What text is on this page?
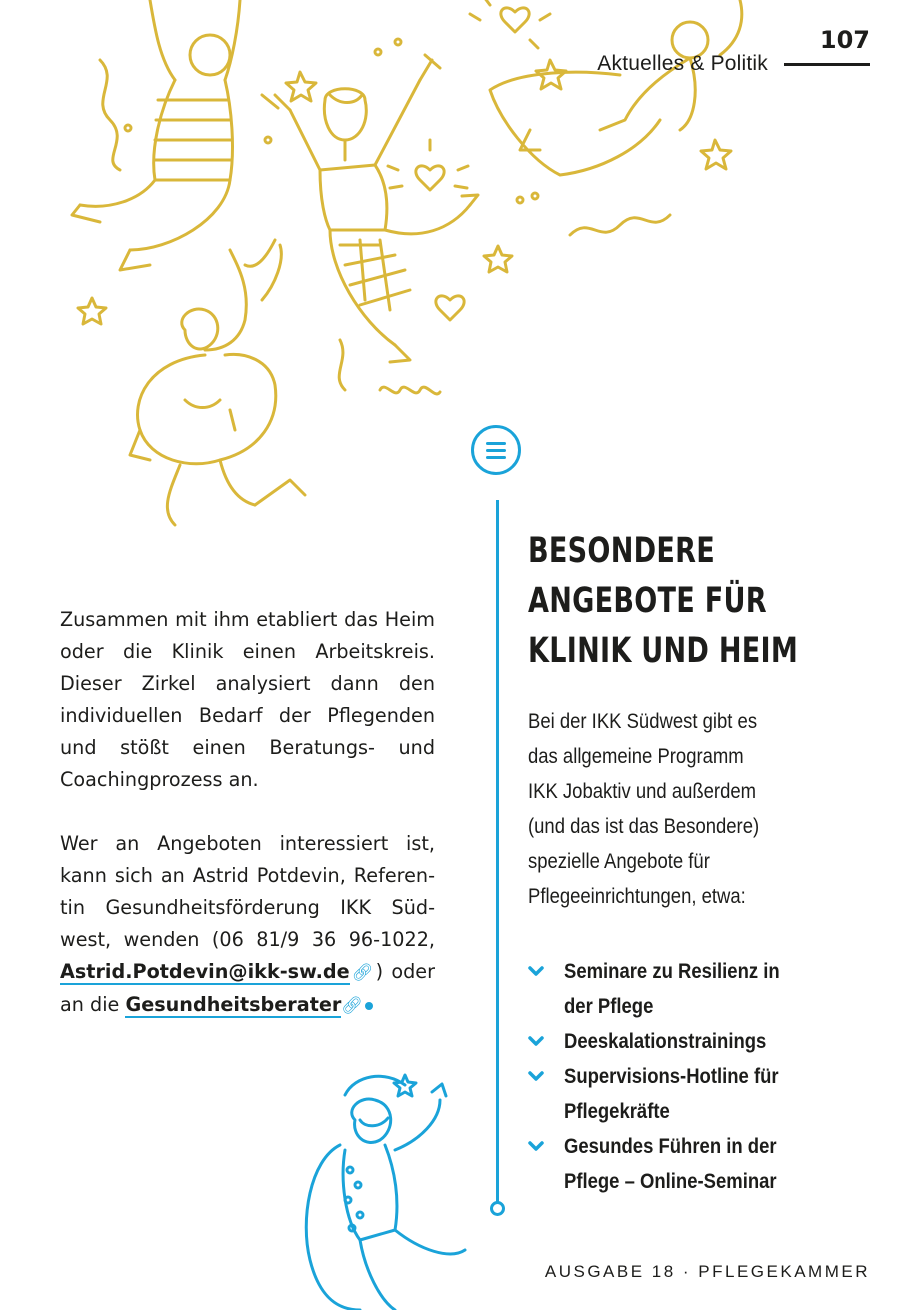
Aktuelles & Politik
107

Zusammen mit ihm etabliert das Heim oder die Klinik einen Arbeitskreis. Dieser Zirkel analysiert dann den individuellen Bedarf der Pflegenden und stößt einen Beratungs- und Coachingprozess an.

Wer an Angeboten interessiert ist, kann sich an Astrid Potdevin, Referentin Gesundheitsförderung IKK Südwest, wenden (06 81/9 36 96-1022, Astrid.Potdevin@ikk-sw.de🔗︎) oder an die Gesundheitsberater🔗︎

BESONDERE
ANGEBOTE FÜR
KLINIK UND HEIM

Bei der IKK Südwest gibt es
das allgemeine Programm
IKK Jobaktiv und außerdem
(und das ist das Besondere)
spezielle Angebote für
Pflegeeinrichtungen, etwa:

Seminare zu Resilienz in
der Pflege
Deeskalationstrainings
Supervisions-Hotline für
Pflegekräfte
Gesundes Führen in der
Pflege – Online-Seminar
AUSGABE 18 · PFLEGEKAMMER
